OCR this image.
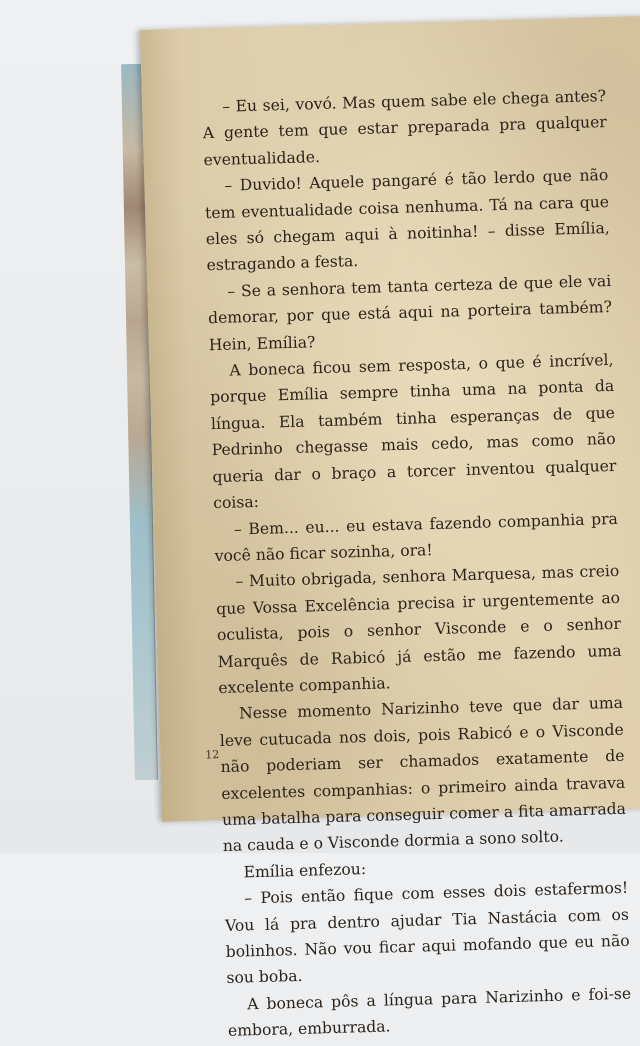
– Eu sei, vovó. Mas quem sabe ele chega antes? A gente tem que estar preparada pra qualquer eventualidade.

– Duvido! Aquele pangaré é tão lerdo que não tem eventualidade coisa nenhuma. Tá na cara que eles só chegam aqui à noitinha! – disse Emília, estragando a festa.

– Se a senhora tem tanta certeza de que ele vai demorar, por que está aqui na porteira também? Hein, Emília?

A boneca ficou sem resposta, o que é incrível, porque Emília sempre tinha uma na ponta da língua. Ela também tinha esperanças de que Pedrinho chegasse mais cedo, mas como não queria dar o braço a torcer inventou qualquer coisa:

– Bem... eu... eu estava fazendo companhia pra você não ficar sozinha, ora!

– Muito obrigada, senhora Marquesa, mas creio que Vossa Excelência precisa ir urgentemente ao oculista, pois o senhor Visconde e o senhor Marquês de Rabicó já estão me fazendo uma excelente companhia.

Nesse momento Narizinho teve que dar uma leve cutucada nos dois, pois Rabicó e o Visconde não poderiam ser chamados exatamente de excelentes companhias: o primeiro ainda travava uma batalha para conseguir comer a fita amarrada na cauda e o Visconde dormia a sono solto.

Emília enfezou:

– Pois então fique com esses dois estafermos! Vou lá pra dentro ajudar Tia Nastácia com os bolinhos. Não vou ficar aqui mofando que eu não sou boba.

A boneca pôs a língua para Narizinho e foi-se embora, emburrada.

12
